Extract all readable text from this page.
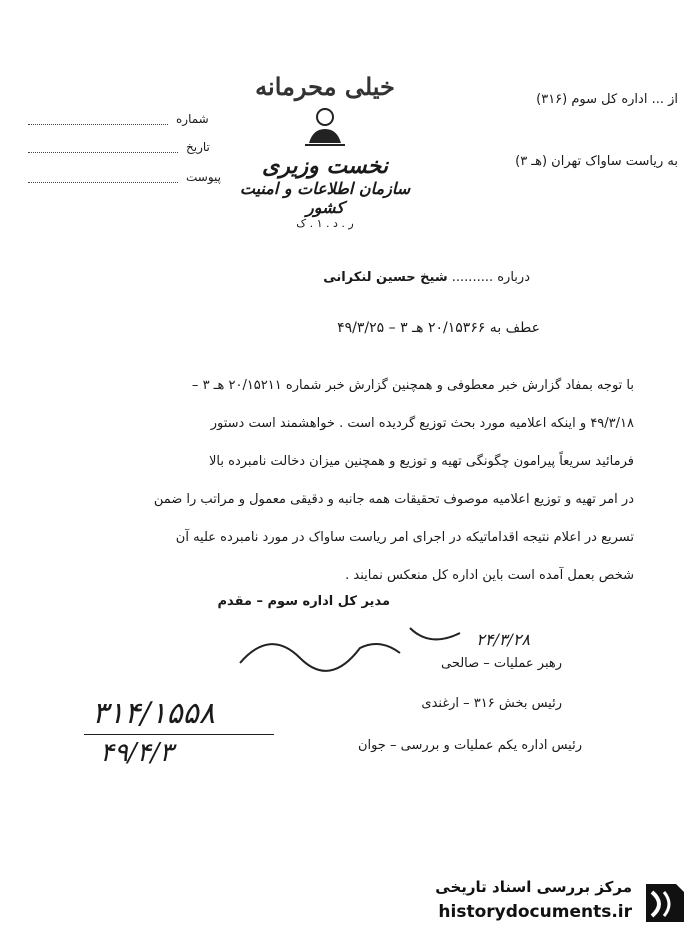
شماره
تاریخ
پیوست
خیلی محرمانه
نخست وزیری
سازمان اطلاعات و امنیت کشور
ر . د . ۱ . ک
از ... اداره کل سوم (۳۱۶)
به ریاست ساواک تهران (هـ ۳)
درباره .......... شیخ حسین لنکرانی
عطف به ۲۰/۱۵۳۶۶ هـ ۳ – ۴۹/۳/۲۵
با توجه بمفاد گزارش خبر معطوفی و همچنین گزارش خبر شماره ۲۰/۱۵۲۱۱ هـ ۳ –
۴۹/۳/۱۸ و اینکه اعلامیه مورد بحث توزیع گردیده است . خواهشمند است دستور
فرمائید سریعاً پیرامون چگونگی تهیه و توزیع و همچنین میزان دخالت نامبرده بالا
در امر تهیه و توزیع اعلامیه موصوف تحقیقات همه جانبه و دقیقی معمول و مراتب را ضمن
تسریع در اعلام نتیجه اقداماتیکه در اجرای امر ریاست ساواک در مورد نامبرده علیه آن
شخص بعمل آمده است باین اداره کل منعکس نمایند .
مدیر کل اداره سوم – مقدم
۲۴/۳/۲۸
رهبر عملیات – صالحی
رئیس بخش ۳۱۶ – ارغندی
رئیس اداره یکم عملیات و بررسی – جوان
۳۱۴/۱۵۵۸
۴۹/۴/۳
مرکز بررسی اسناد تاریخی
historydocuments.ir
